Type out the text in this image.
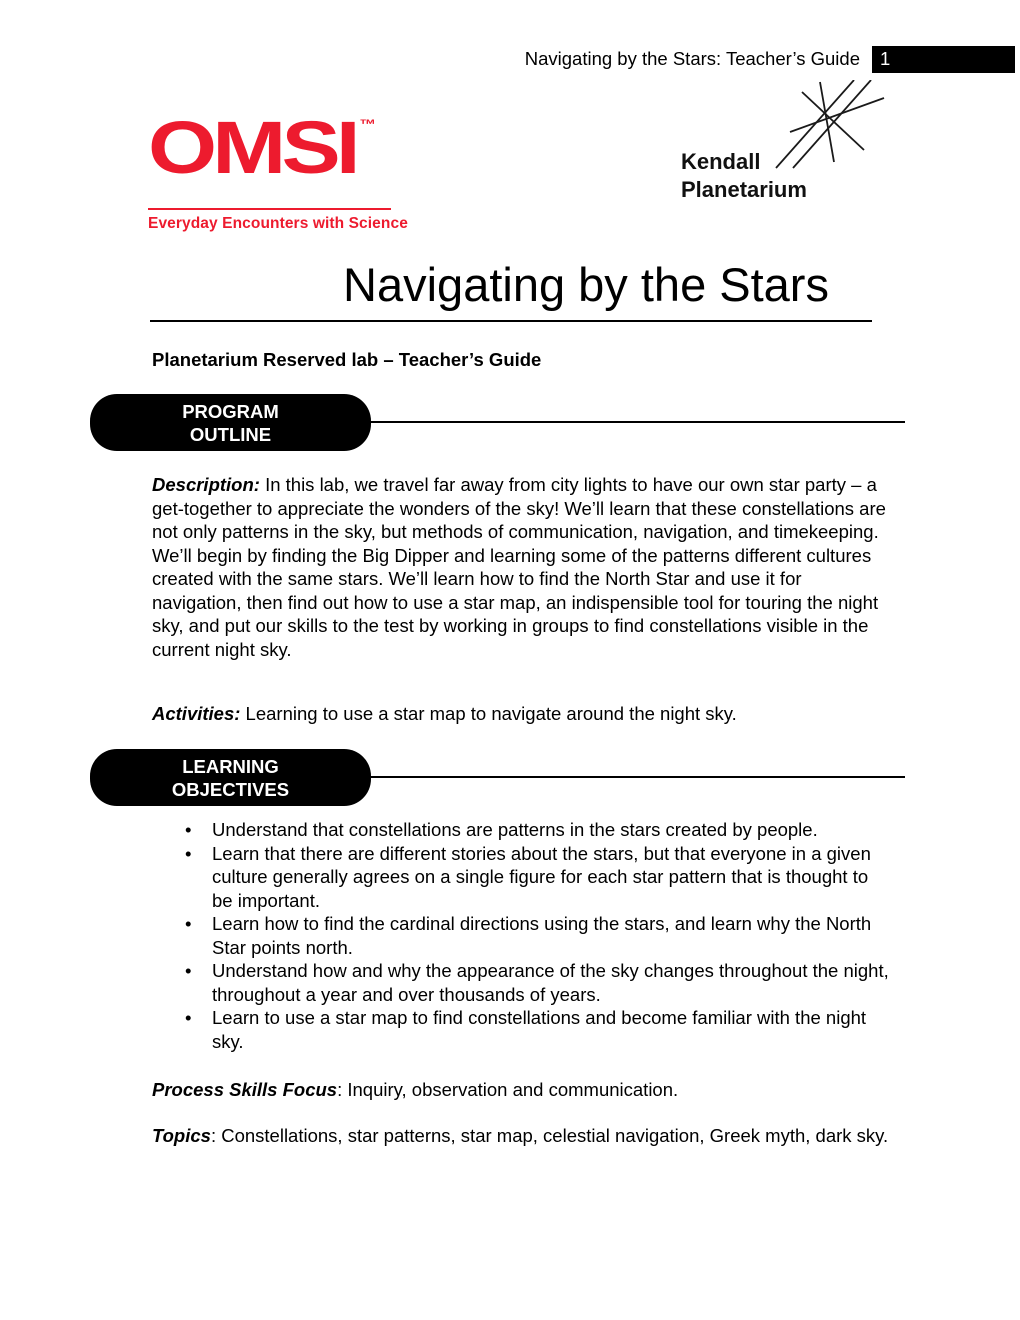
Navigating by the Stars: Teacher’s Guide 1
OMSI ™
Everyday Encounters with Science
Kendall
Planetarium
Navigating by the Stars
Planetarium Reserved lab – Teacher’s Guide
PROGRAM
OUTLINE
Description: In this lab, we travel far away from city lights to have our own star party – a get-together to appreciate the wonders of the sky! We’ll learn that these constellations are not only patterns in the sky, but methods of communication, navigation, and timekeeping. We’ll begin by finding the Big Dipper and learning some of the patterns different cultures created with the same stars. We’ll learn how to find the North Star and use it for navigation, then find out how to use a star map, an indispensible tool for touring the night sky, and put our skills to the test by working in groups to find constellations visible in the current night sky.
Activities: Learning to use a star map to navigate around the night sky.
LEARNING
OBJECTIVES
•	Understand that constellations are patterns in the stars created by people.
•	Learn that there are different stories about the stars, but that everyone in a given culture generally agrees on a single figure for each star pattern that is thought to be important.
•	Learn how to find the cardinal directions using the stars, and learn why the North Star points north.
•	Understand how and why the appearance of the sky changes throughout the night, throughout a year and over thousands of years.
•	Learn to use a star map to find constellations and become familiar with the night sky.
Process Skills Focus: Inquiry, observation and communication.
Topics: Constellations, star patterns, star map, celestial navigation, Greek myth, dark sky.
